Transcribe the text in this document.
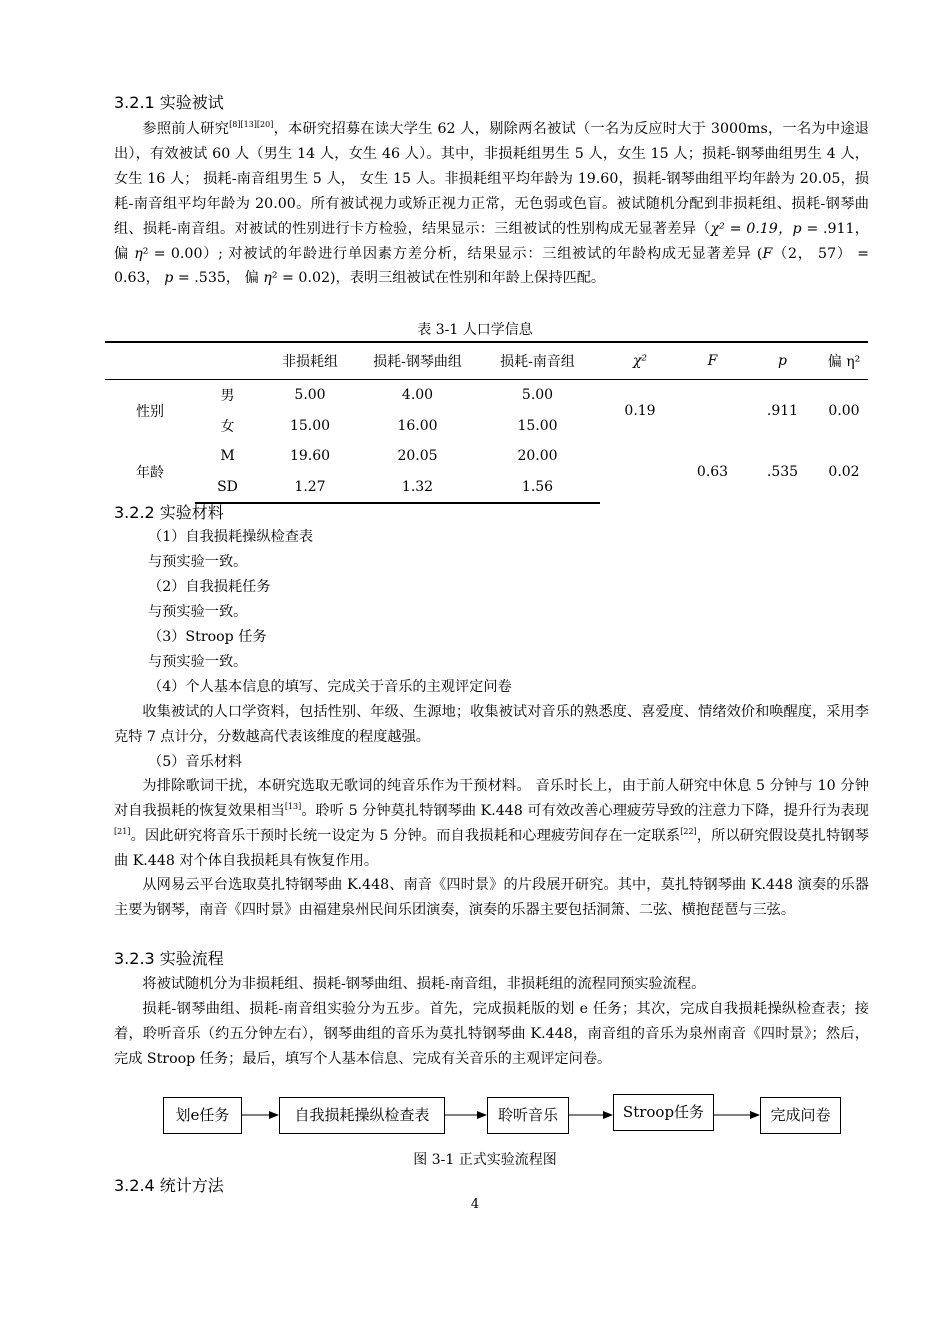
3.2.1 实验被试

参照前人研究[8][13][20]，本研究招募在读大学生 62 人，剔除两名被试（一名为反应时大于 3000ms，一名为中途退出），有效被试 60 人（男生 14 人，女生 46 人）。其中，非损耗组男生 5 人，女生 15 人；损耗-钢琴曲组男生 4 人， 女生 16 人； 损耗-南音组男生 5 人， 女生 15 人。非损耗组平均年龄为 19.60，损耗-钢琴曲组平均年龄为 20.05，损耗-南音组平均年龄为 20.00。所有被试视力或矫正视力正常，无色弱或色盲。被试随机分配到非损耗组、损耗-钢琴曲组、损耗-南音组。对被试的性别进行卡方检验，结果显示：三组被试的性别构成无显著差异（χ² = 0.19，p = .911，偏 η² = 0.00）; 对被试的年龄进行单因素方差分析，结果显示：三组被试的年龄构成无显著差异 (F（2， 57） = 0.63， p = .535， 偏 η² = 0.02)，表明三组被试在性别和年龄上保持匹配。

表 3-1 人口学信息
		非损耗组	损耗-钢琴曲组	损耗-南音组	χ²	F	p	偏 η²
性别	男	5.00	4.00	5.00	0.19		.911	0.00
	女	15.00	16.00	15.00				
年龄	M	19.60	20.05	20.00		0.63	.535	0.02
	SD	1.27	1.32	1.56				
3.2.2 实验材料
（1）自我损耗操纵检查表
与预实验一致。
（2）自我损耗任务
与预实验一致。
（3）Stroop 任务
与预实验一致。
（4）个人基本信息的填写、完成关于音乐的主观评定问卷

收集被试的人口学资料，包括性别、年级、生源地；收集被试对音乐的熟悉度、喜爱度、情绪效价和唤醒度，采用李克特 7 点计分，分数越高代表该维度的程度越强。

（5）音乐材料

为排除歌词干扰，本研究选取无歌词的纯音乐作为干预材料。 音乐时长上，由于前人研究中休息 5 分钟与 10 分钟对自我损耗的恢复效果相当[13]。聆听 5 分钟莫扎特钢琴曲 K.448 可有效改善心理疲劳导致的注意力下降，提升行为表现[21]。因此研究将音乐干预时长统一设定为 5 分钟。而自我损耗和心理疲劳间存在一定联系[22]，所以研究假设莫扎特钢琴曲 K.448 对个体自我损耗具有恢复作用。

从网易云平台选取莫扎特钢琴曲 K.448、南音《四时景》的片段展开研究。其中，莫扎特钢琴曲 K.448 演奏的乐器主要为钢琴，南音《四时景》由福建泉州民间乐团演奏，演奏的乐器主要包括洞箫、二弦、横抱琵琶与三弦。

3.2.3 实验流程

将被试随机分为非损耗组、损耗-钢琴曲组、损耗-南音组，非损耗组的流程同预实验流程。

损耗-钢琴曲组、损耗-南音组实验分为五步。首先，完成损耗版的划 e 任务；其次，完成自我损耗操纵检查表；接着，聆听音乐（约五分钟左右），钢琴曲组的音乐为莫扎特钢琴曲 K.448，南音组的音乐为泉州南音《四时景》；然后，完成 Stroop 任务；最后，填写个人基本信息、完成有关音乐的主观评定问卷。

划e任务	自我损耗操纵检查表	聆听音乐	Stroop任务	完成问卷
图 3-1 正式实验流程图
3.2.4 统计方法
4
